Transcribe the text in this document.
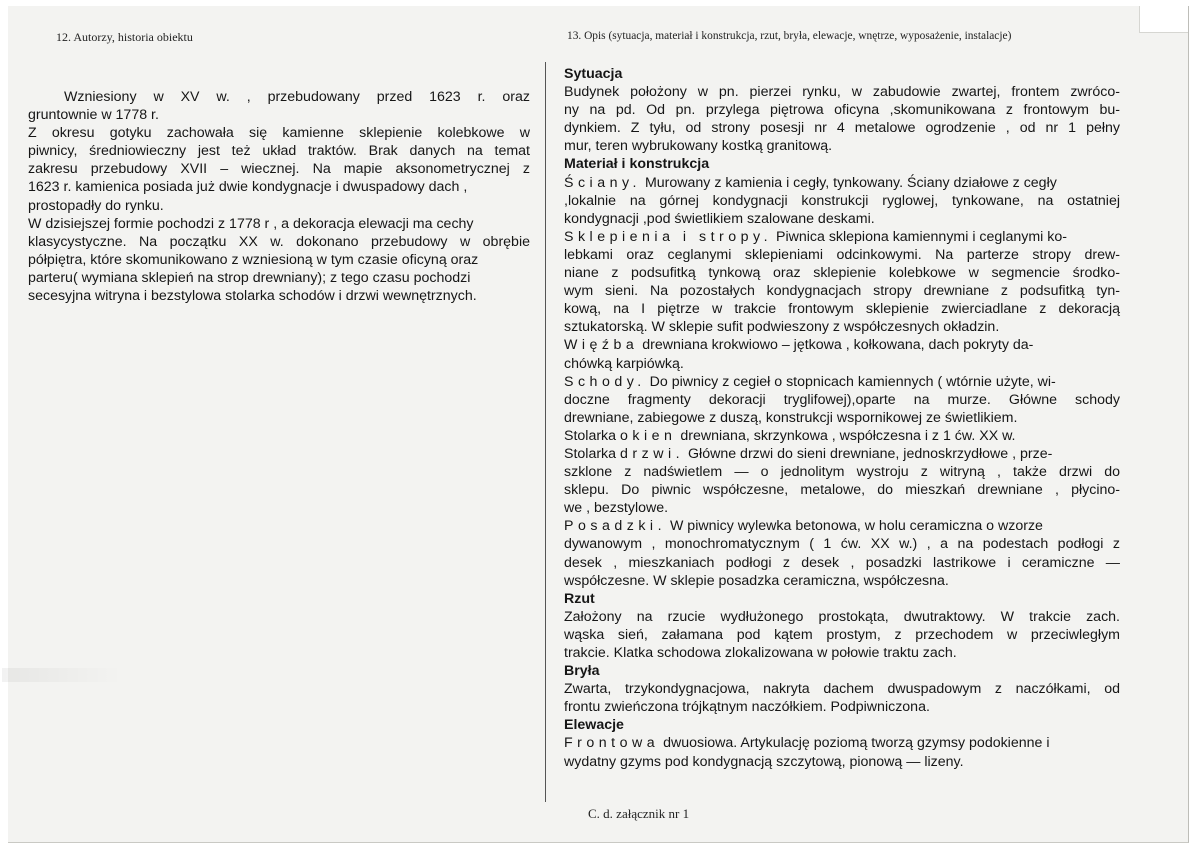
12. Autorzy, historia obiektu	13. Opis (sytuacja, materiał i konstrukcja, rzut, bryła, elewacje, wnętrze, wyposażenie, instalacje)
Wzniesiony w XV w. , przebudowany przed 1623 r. oraz
gruntownie w 1778 r.
Z okresu gotyku zachowała się kamienne sklepienie kolebkowe w
piwnicy, średniowieczny jest też układ traktów. Brak danych na temat
zakresu przebudowy XVII – wiecznej. Na mapie aksonometrycznej z
1623 r. kamienica posiada już dwie kondygnacje i dwuspadowy dach ,
prostopadły do rynku.
W dzisiejszej formie pochodzi z 1778 r , a dekoracja elewacji ma cechy
klasycystyczne. Na początku XX w. dokonano przebudowy w obrębie
półpiętra, które skomunikowano z wzniesioną w tym czasie oficyną oraz
parteru( wymiana sklepień na strop drewniany); z tego czasu pochodzi
secesyjna witryna i bezstylowa stolarka schodów i drzwi wewnętrznych.
Sytuacja
Budynek położony w pn. pierzei rynku, w zabudowie zwartej, frontem zwróco-
ny na pd. Od pn. przylega piętrowa oficyna ,skomunikowana z frontowym bu-
dynkiem. Z tyłu, od strony posesji nr 4 metalowe ogrodzenie , od nr 1 pełny
mur, teren wybrukowany kostką granitową.
Materiał i konstrukcja
Ściany. Murowany z kamienia i cegły, tynkowany. Ściany działowe z cegły
,lokalnie na górnej kondygnacji konstrukcji ryglowej, tynkowane, na ostatniej
kondygnacji ,pod świetlikiem szalowane deskami.
Sklepienia i stropy. Piwnica sklepiona kamiennymi i ceglanymi ko-
lebkami oraz ceglanymi sklepieniami odcinkowymi. Na parterze stropy drew-
niane z podsufitką tynkową oraz sklepienie kolebkowe w segmencie środko-
wym sieni. Na pozostałych kondygnacjach stropy drewniane z podsufitką tyn-
kową, na I piętrze w trakcie frontowym sklepienie zwierciadlane z dekoracją
sztukatorską. W sklepie sufit podwieszony z współczesnych okładzin.
Więźba drewniana krokwiowo – jętkowa , kołkowana, dach pokryty da-
chówką karpiówką.
Schody. Do piwnicy z cegieł o stopnicach kamiennych ( wtórnie użyte, wi-
doczne fragmenty dekoracji tryglifowej),oparte na murze. Główne schody
drewniane, zabiegowe z duszą, konstrukcji wspornikowej ze świetlikiem.
Stolarka okien drewniana, skrzynkowa , współczesna i z 1 ćw. XX w.
Stolarka drzwi. Główne drzwi do sieni drewniane, jednoskrzydłowe , prze-
szklone z nadświetlem — o jednolitym wystroju z witryną , także drzwi do
sklepu. Do piwnic współczesne, metalowe, do mieszkań drewniane , płycino-
we , bezstylowe.
Posadzki. W piwnicy wylewka betonowa, w holu ceramiczna o wzorze
dywanowym , monochromatycznym ( 1 ćw. XX w.) , a na podestach podłogi z
desek , mieszkaniach podłogi z desek , posadzki lastrikowe i ceramiczne —
współczesne. W sklepie posadzka ceramiczna, współczesna.
Rzut
Założony na rzucie wydłużonego prostokąta, dwutraktowy. W trakcie zach.
wąska sień, załamana pod kątem prostym, z przechodem w przeciwległym
trakcie. Klatka schodowa zlokalizowana w połowie traktu zach.
Bryła
Zwarta, trzykondygnacjowa, nakryta dachem dwuspadowym z naczółkami, od
frontu zwieńczona trójkątnym naczółkiem. Podpiwniczona.
Elewacje
Frontowa dwuosiowa. Artykulację poziomą tworzą gzymsy podokienne i
wydatny gzyms pod kondygnacją szczytową, pionową — lizeny.
C. d. załącznik nr 1
